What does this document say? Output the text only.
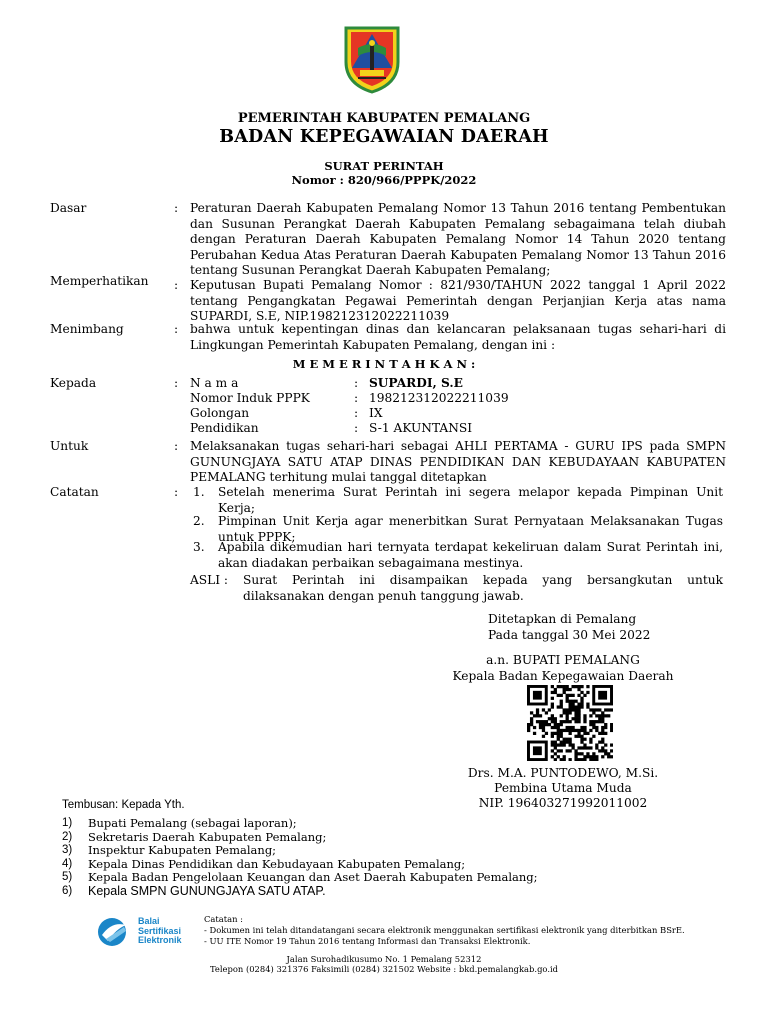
PEMERINTAH KABUPATEN PEMALANG
BADAN KEPEGAWAIAN DAERAH
SURAT PERINTAH
Nomor : 820/966/PPPK/2022
Dasar	: Peraturan Daerah Kabupaten Pemalang Nomor 13 Tahun 2016 tentang Pembentukan dan Susunan Perangkat Daerah Kabupaten Pemalang sebagaimana telah diubah dengan Peraturan Daerah Kabupaten Pemalang Nomor 14 Tahun 2020 tentang Perubahan Kedua Atas Peraturan Daerah Kabupaten Pemalang Nomor 13 Tahun 2016 tentang Susunan Perangkat Daerah Kabupaten Pemalang;
Memperhatikan : Keputusan Bupati Pemalang Nomor : 821/930/TAHUN 2022 tanggal 1 April 2022 tentang Pengangkatan Pegawai Pemerintah dengan Perjanjian Kerja atas nama SUPARDI, S.E, NIP.198212312022211039
Menimbang	: bahwa untuk kepentingan dinas dan kelancaran pelaksanaan tugas sehari-hari di Lingkungan Pemerintah Kabupaten Pemalang, dengan ini :
M E M E R I N T A H K A N :
Kepada	: N a m a	: SUPARDI, S.E
Nomor Induk PPPK	: 198212312022211039
Golongan	: IX
Pendidikan	: S-1 AKUNTANSI
Untuk	: Melaksanakan tugas sehari-hari sebagai AHLI PERTAMA - GURU IPS pada SMPN GUNUNGJAYA SATU ATAP DINAS PENDIDIKAN DAN KEBUDAYAAN KABUPATEN PEMALANG terhitung mulai tanggal ditetapkan
Catatan	: 1. Setelah menerima Surat Perintah ini segera melapor kepada Pimpinan Unit Kerja;
2. Pimpinan Unit Kerja agar menerbitkan Surat Pernyataan Melaksanakan Tugas untuk PPPK;
3. Apabila dikemudian hari ternyata terdapat kekeliruan dalam Surat Perintah ini, akan diadakan perbaikan sebagaimana mestinya.
ASLI : Surat Perintah ini disampaikan kepada yang bersangkutan untuk dilaksanakan dengan penuh tanggung jawab.
Ditetapkan di Pemalang
Pada tanggal 30 Mei 2022
a.n. BUPATI PEMALANG
Kepala Badan Kepegawaian Daerah
Drs. M.A. PUNTODEWO, M.Si.
Pembina Utama Muda
NIP. 196403271992011002
Tembusan: Kepada Yth.
1) Bupati Pemalang (sebagai laporan);
2) Sekretaris Daerah Kabupaten Pemalang;
3) Inspektur Kabupaten Pemalang;
4) Kepala Dinas Pendidikan dan Kebudayaan Kabupaten Pemalang;
5) Kepala Badan Pengelolaan Keuangan dan Aset Daerah Kabupaten Pemalang;
6) Kepala SMPN GUNUNGJAYA SATU ATAP.
Balai
Sertifikasi
Elektronik
Catatan :
- Dokumen ini telah ditandatangani secara elektronik menggunakan sertifikasi elektronik yang diterbitkan BSrE.
- UU ITE Nomor 19 Tahun 2016 tentang Informasi dan Transaksi Elektronik.
Jalan Surohadikusumo No. 1 Pemalang 52312
Telepon (0284) 321376 Faksimili (0284) 321502 Website : bkd.pemalangkab.go.id
